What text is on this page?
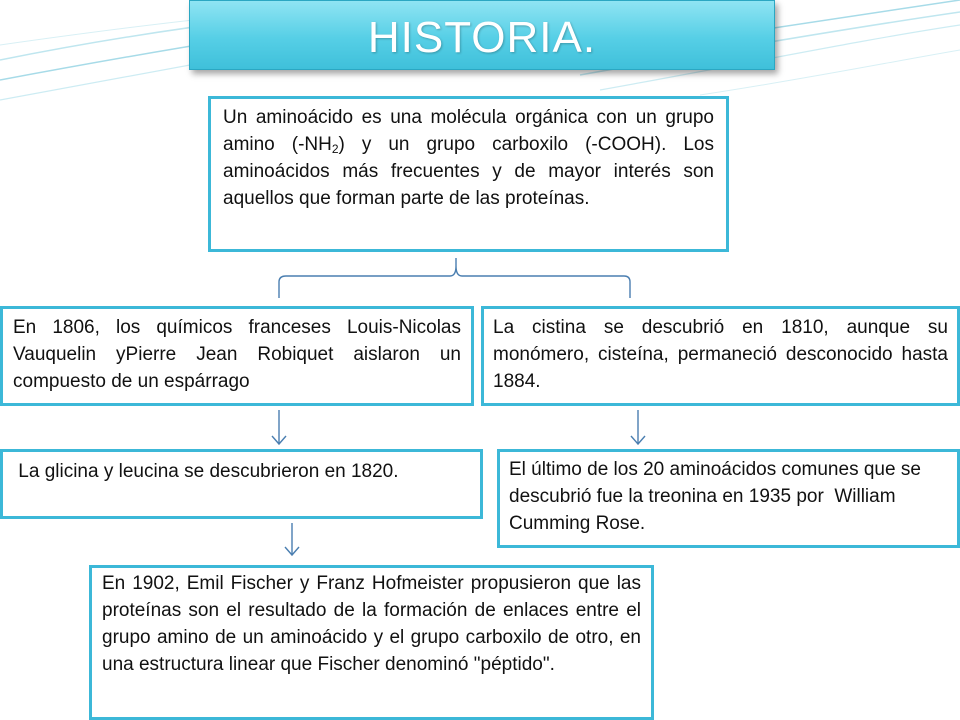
HISTORIA.
Un aminoácido es una molécula orgánica con un grupo amino $(-NH_2)$ y un grupo carboxilo (-COOH). Los aminoácidos más frecuentes y de mayor interés son aquellos que forman parte de las proteínas.
En 1806, los químicos franceses Louis-Nicolas Vauquelin yPierre Jean Robiquet aislaron un compuesto de un espárrago
La cistina se descubrió en 1810, aunque su monómero, cisteína, permaneció desconocido hasta 1884.
La glicina y leucina se descubrieron en 1820.	El último de los 20 aminoácidos comunes que se descubrió fue la treonina en 1935 por  William Cumming Rose.
En 1902, Emil Fischer y Franz Hofmeister propusieron que las proteínas son el resultado de la formación de enlaces entre el grupo amino de un aminoácido y el grupo carboxilo de otro, en una estructura linear que Fischer denominó "péptido".
